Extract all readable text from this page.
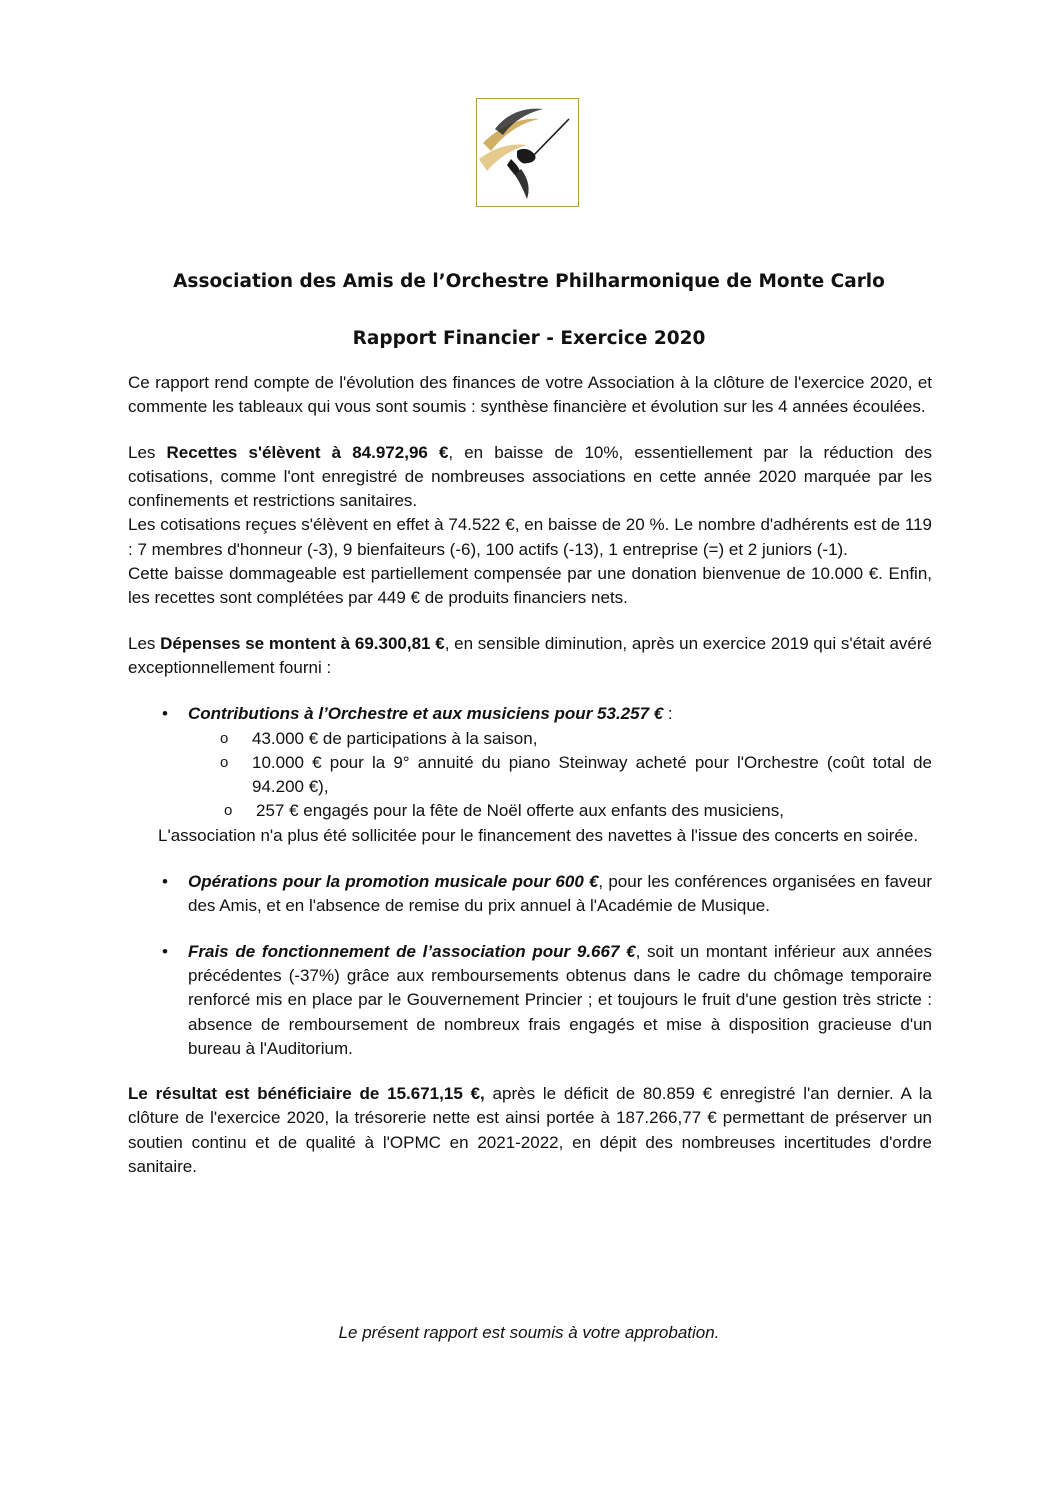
Association des Amis de l’Orchestre Philharmonique de Monte Carlo
Rapport Financier - Exercice 2020

Ce rapport rend compte de l'évolution des finances de votre Association à la clôture de l'exercice 2020, et commente les tableaux qui vous sont soumis : synthèse financière et évolution sur les 4 années écoulées.

Les Recettes s'élèvent à 84.972,96 €, en baisse de 10%, essentiellement par la réduction des cotisations, comme l'ont enregistré de nombreuses associations en cette année 2020 marquée par les confinements et restrictions sanitaires.

Les cotisations reçues s'élèvent en effet à 74.522 €, en baisse de 20 %. Le nombre d'adhérents est de 119 : 7 membres d'honneur (-3), 9 bienfaiteurs (-6), 100 actifs (-13), 1 entreprise (=) et 2 juniors (-1).

Cette baisse dommageable est partiellement compensée par une donation bienvenue de 10.000 €. Enfin, les recettes sont complétées par 449 € de produits financiers nets.

Les Dépenses se montent à 69.300,81 €, en sensible diminution, après un exercice 2019 qui s'était avéré exceptionnellement fourni :

• Contributions à l’Orchestre et aux musiciens pour 53.257 € :
o 43.000 € de participations à la saison,
o 10.000 € pour la 9° annuité du piano Steinway acheté pour l'Orchestre (coût total de 94.200 €),
o 257 € engagés pour la fête de Noël offerte aux enfants des musiciens,
L'association n'a plus été sollicitée pour le financement des navettes à l'issue des concerts en soirée.
• Opérations pour la promotion musicale pour 600 €, pour les conférences organisées en faveur des Amis, et en l'absence de remise du prix annuel à l'Académie de Musique.
• Frais de fonctionnement de l’association pour 9.667 €, soit un montant inférieur aux années précédentes (-37%) grâce aux remboursements obtenus dans le cadre du chômage temporaire renforcé mis en place par le Gouvernement Princier ; et toujours le fruit d'une gestion très stricte : absence de remboursement de nombreux frais engagés et mise à disposition gracieuse d'un bureau à l'Auditorium.

Le résultat est bénéficiaire de 15.671,15 €, après le déficit de 80.859 € enregistré l'an dernier. A la clôture de l'exercice 2020, la trésorerie nette est ainsi portée à 187.266,77 € permettant de préserver un soutien continu et de qualité à l'OPMC en 2021-2022, en dépit des nombreuses incertitudes d'ordre sanitaire.

Le présent rapport est soumis à votre approbation.
